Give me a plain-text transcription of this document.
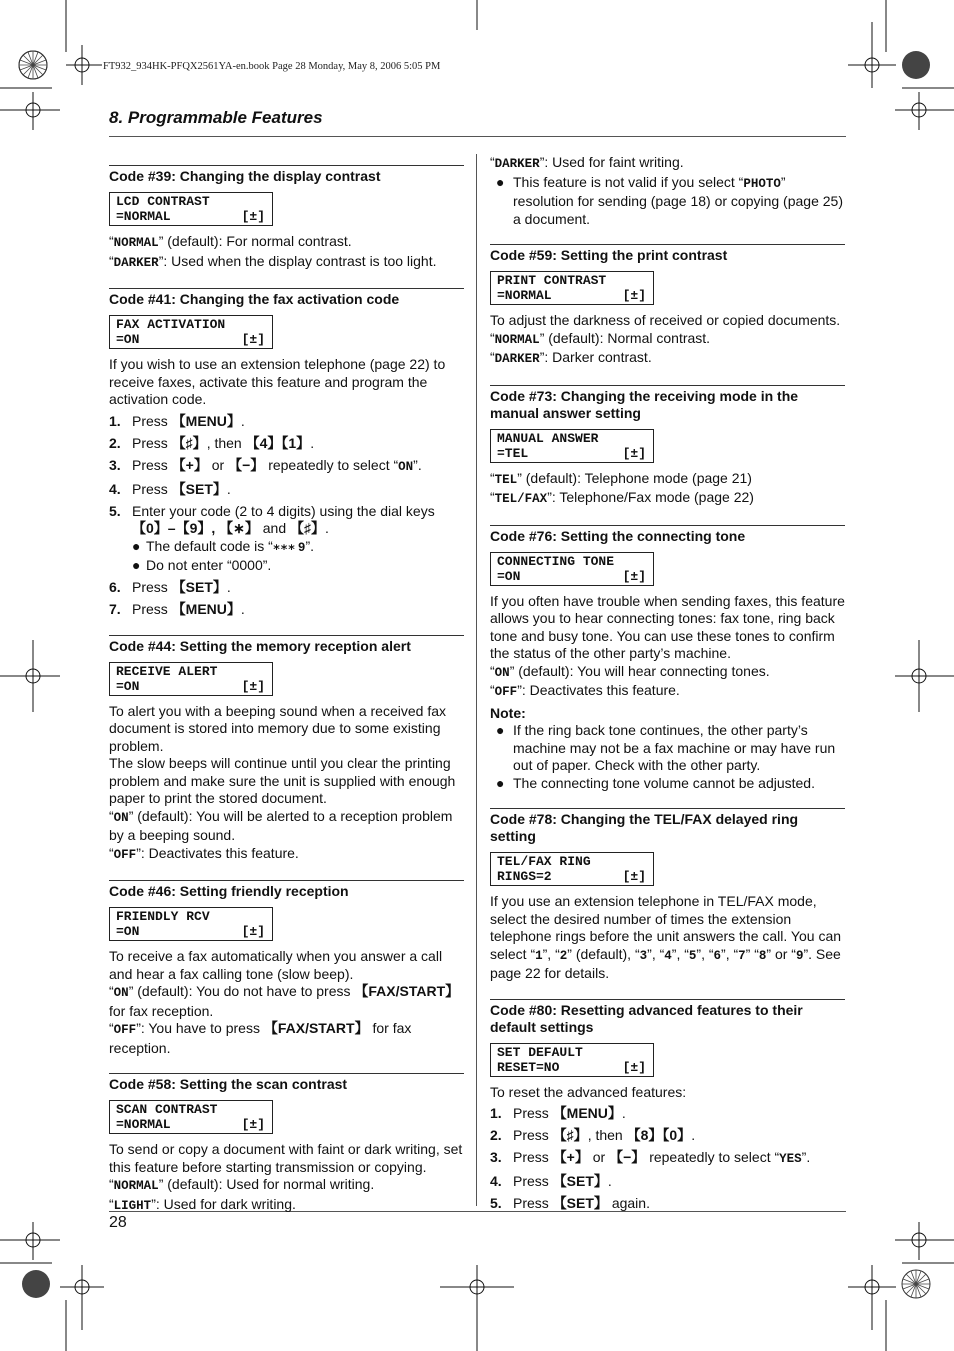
FT932_934HK-PFQX2561YA-en.book Page 28 Monday, May 8, 2006 5:05 PM
8. Programmable Features
28
Code #39: Changing the display contrast
LCD CONTRAST
=NORMAL	[±]

“NORMAL” (default): For normal contrast.

“DARKER”: Used when the display contrast is too light.

Code #41: Changing the fax activation code
FAX ACTIVATION
=ON	[±]

If you wish to use an extension telephone (page 22) to receive faxes, activate this feature and program the activation code.

1. Press 【MENU】.
2. Press 【♯】, then 【4】【1】.
3. Press 【+】 or 【−】 repeatedly to select “ON”.
4. Press 【SET】.
5. Enter your code (2 to 4 digits) using the dial keys 【0】–【9】, 【∗】 and 【♯】.
● The default code is “∗∗∗ 9”.
● Do not enter “0000”.
6. Press 【SET】.
7. Press 【MENU】.
Code #44: Setting the memory reception alert
RECEIVE ALERT
=ON	[±]

To alert you with a beeping sound when a received fax document is stored into memory due to some existing problem.

The slow beeps will continue until you clear the printing problem and make sure the unit is supplied with enough paper to print the stored document.

“ON” (default): You will be alerted to a reception problem by a beeping sound.

“OFF”: Deactivates this feature.

Code #46: Setting friendly reception
FRIENDLY RCV
=ON	[±]

To receive a fax automatically when you answer a call and hear a fax calling tone (slow beep).

“ON” (default): You do not have to press 【FAX/START】 for fax reception.

“OFF”: You have to press 【FAX/START】 for fax reception.

Code #58: Setting the scan contrast
SCAN CONTRAST
=NORMAL	[±]

To send or copy a document with faint or dark writing, set this feature before starting transmission or copying.

“NORMAL” (default): Used for normal writing.

“LIGHT”: Used for dark writing.

“DARKER”: Used for faint writing.

● This feature is not valid if you select “PHOTO” resolution for sending (page 18) or copying (page 25) a document.
Code #59: Setting the print contrast
PRINT CONTRAST
=NORMAL	[±]

To adjust the darkness of received or copied documents.

“NORMAL” (default): Normal contrast.

“DARKER”: Darker contrast.

Code #73: Changing the receiving mode in the manual answer setting
MANUAL ANSWER
=TEL	[±]

“TEL” (default): Telephone mode (page 21)

“TEL/FAX”: Telephone/Fax mode (page 22)

Code #76: Setting the connecting tone
CONNECTING TONE
=ON	[±]

If you often have trouble when sending faxes, this feature allows you to hear connecting tones: fax tone, ring back tone and busy tone. You can use these tones to confirm the status of the other party’s machine.

“ON” (default): You will hear connecting tones.

“OFF”: Deactivates this feature.

Note:

● If the ring back tone continues, the other party’s machine may not be a fax machine or may have run out of paper. Check with the other party.
● The connecting tone volume cannot be adjusted.
Code #78: Changing the TEL/FAX delayed ring setting
TEL/FAX RING
RINGS=2	[±]

If you use an extension telephone in TEL/FAX mode, select the desired number of times the extension telephone rings before the unit answers the call. You can select “1”, “2” (default), “3”, “4”, “5”, “6”, “7” “8” or “9”. See page 22 for details.

Code #80: Resetting advanced features to their default settings
SET DEFAULT
RESET=NO	[±]

To reset the advanced features:

1. Press 【MENU】.
2. Press 【♯】, then 【8】【0】.
3. Press 【+】 or 【−】 repeatedly to select “YES”.
4. Press 【SET】.
5. Press 【SET】 again.
